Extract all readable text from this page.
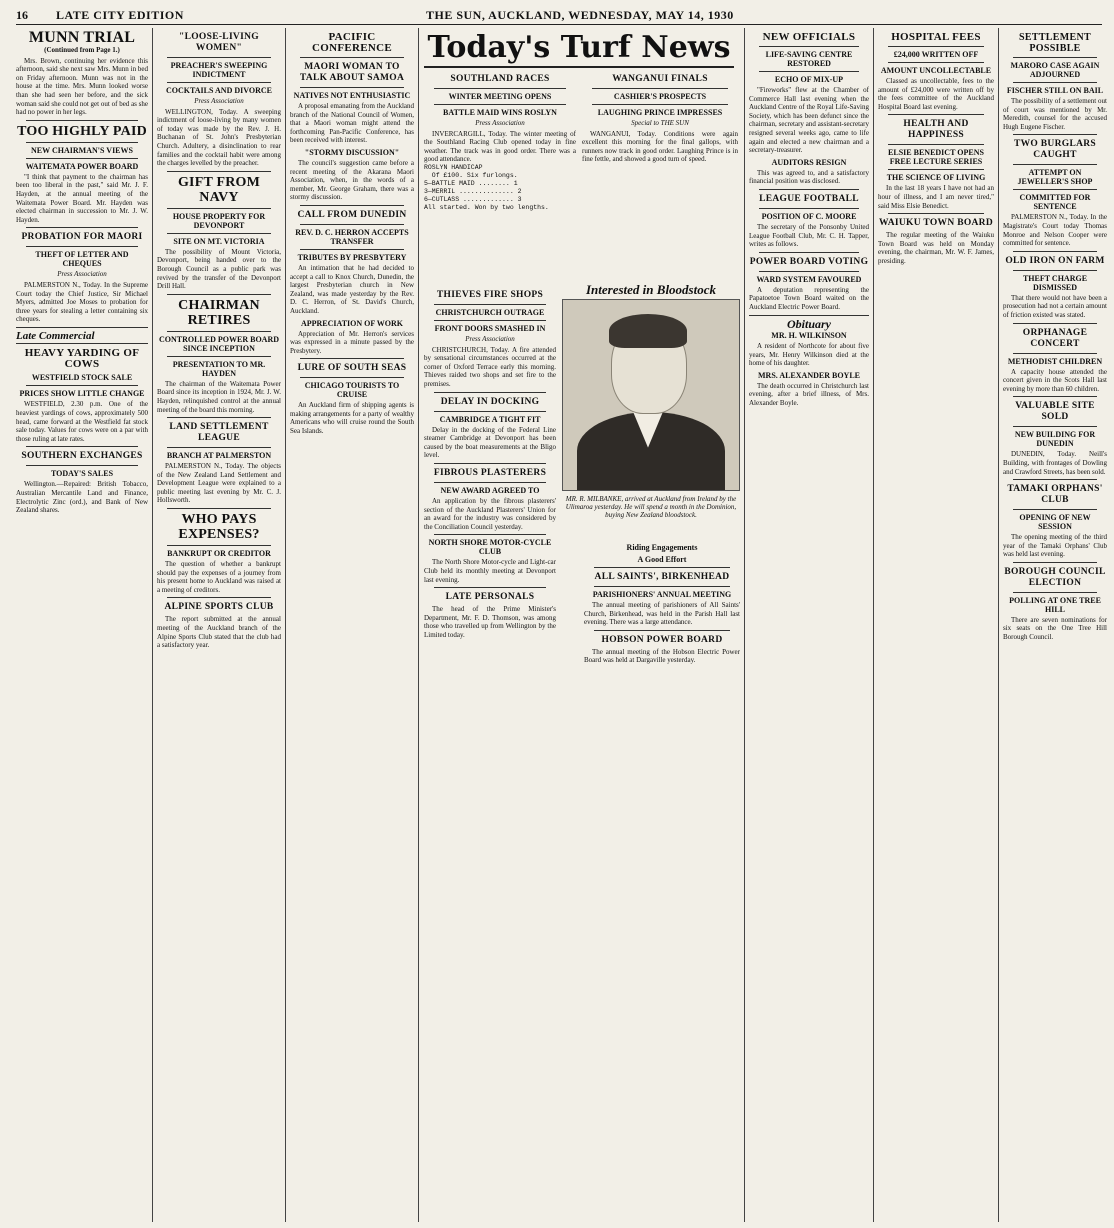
16 LATE CITY EDITION	THE SUN, AUCKLAND, WEDNESDAY, MAY 14, 1930
MUNN TRIAL
(Continued from Page 1.)

Mrs. Brown, continuing her evidence this afternoon, said she next saw Mrs. Munn in bed on Friday afternoon. Munn was not in the house at the time. Mrs. Munn looked worse than she had seen her before, and the sick woman said she could not get out of bed as she had no power in her legs.

TOO HIGHLY PAID
NEW CHAIRMAN'S VIEWS
WAITEMATA POWER BOARD

"I think that payment to the chairman has been too liberal in the past," said Mr. J. F. Hayden, at the annual meeting of the Waitemata Power Board. Mr. Hayden was elected chairman in succession to Mr. J. W. Hayden.

PROBATION FOR MAORI
THEFT OF LETTER AND CHEQUES
Press Association

PALMERSTON N., Today. In the Supreme Court today the Chief Justice, Sir Michael Myers, admitted Joe Moses to probation for three years for stealing a letter containing six cheques.

Late Commercial
HEAVY YARDING OF COWS
WESTFIELD STOCK SALE
PRICES SHOW LITTLE CHANGE

WESTFIELD, 2.30 p.m. One of the heaviest yardings of cows, approximately 500 head, came forward at the Westfield fat stock sale today. Values for cows were on a par with those ruling at late rates.

SOUTHERN EXCHANGES
TODAY'S SALES

Wellington.—Repaired: British Tobacco, Australian Mercantile Land and Finance, Electrolytic Zinc (ord.), and Bank of New Zealand shares.

"LOOSE-LIVING WOMEN"
PREACHER'S SWEEPING INDICTMENT
COCKTAILS AND DIVORCE
Press Association

WELLINGTON, Today. A sweeping indictment of loose-living by many women of today was made by the Rev. J. H. Buchanan of St. John's Presbyterian Church. Adultery, a disinclination to rear families and the cocktail habit were among the charges levelled by the preacher.

GIFT FROM NAVY
HOUSE PROPERTY FOR DEVONPORT
SITE ON MT. VICTORIA

The possibility of Mount Victoria, Devonport, being handed over to the Borough Council as a public park was revived by the transfer of the Devonport Drill Hall.

CHAIRMAN RETIRES
CONTROLLED POWER BOARD SINCE INCEPTION
PRESENTATION TO MR. HAYDEN

The chairman of the Waitemata Power Board since its inception in 1924, Mr. J. W. Hayden, relinquished control at the annual meeting of the board this morning.

LAND SETTLEMENT LEAGUE
BRANCH AT PALMERSTON

PALMERSTON N., Today. The objects of the New Zealand Land Settlement and Development League were explained to a public meeting last evening by Mr. C. J. Hollsworth.

WHO PAYS EXPENSES?
BANKRUPT OR CREDITOR

The question of whether a bankrupt should pay the expenses of a journey from his present home to Auckland was raised at a meeting of creditors.

ALPINE SPORTS CLUB

The report submitted at the annual meeting of the Auckland branch of the Alpine Sports Club stated that the club had a satisfactory year.

PACIFIC CONFERENCE
MAORI WOMAN TO TALK ABOUT SAMOA
NATIVES NOT ENTHUSIASTIC

A proposal emanating from the Auckland branch of the National Council of Women, that a Maori woman might attend the forthcoming Pan-Pacific Conference, has been received with interest.

"STORMY DISCUSSION"

The council's suggestion came before a recent meeting of the Akarana Maori Association, when, in the words of a member, Mr. George Graham, there was a stormy discussion.

CALL FROM DUNEDIN
REV. D. C. HERRON ACCEPTS TRANSFER
TRIBUTES BY PRESBYTERY

An intimation that he had decided to accept a call to Knox Church, Dunedin, the largest Presbyterian church in New Zealand, was made yesterday by the Rev. D. C. Herron, of St. David's Church, Auckland.

APPRECIATION OF WORK

Appreciation of Mr. Herron's services was expressed in a minute passed by the Presbytery.

LURE OF SOUTH SEAS
CHICAGO TOURISTS TO CRUISE

An Auckland firm of shipping agents is making arrangements for a party of wealthy Americans who will cruise round the South Sea Islands.

Today's Turf News
SOUTHLAND RACES
WINTER MEETING OPENS
BATTLE MAID WINS ROSLYN
Press Association

INVERCARGILL, Today. The winter meeting of the Southland Racing Club opened today in fine weather. The track was in good order. There was a good attendance.

ROSLYN HANDICAP
Of £100. Six furlongs.
5—BATTLE MAID ........ 1
3—MERRIL .............. 2
6—CUTLASS ............. 3
All started. Won by two lengths.
WANGANUI FINALS
CASHIER'S PROSPECTS
LAUGHING PRINCE IMPRESSES
Special to THE SUN

WANGANUI, Today. Conditions were again excellent this morning for the final gallops, with runners now track in good order. Laughing Prince is in fine fettle, and showed a good turn of speed.

Interested in Bloodstock
MR. R. MILBANKE, arrived at Auckland from Ireland by the Ulimaroa yesterday. He will spend a month in the Dominion, buying New Zealand bloodstock.
THIEVES FIRE SHOPS
CHRISTCHURCH OUTRAGE
FRONT DOORS SMASHED IN
Press Association

CHRISTCHURCH, Today. A fire attended by sensational circumstances occurred at the corner of Oxford Terrace early this morning. Thieves raided two shops and set fire to the premises.

DELAY IN DOCKING
CAMBRIDGE A TIGHT FIT

Delay in the docking of the Federal Line steamer Cambridge at Devonport has been caused by the boat measurements at the Bligo level.

FIBROUS PLASTERERS
NEW AWARD AGREED TO

An application by the fibrous plasterers' section of the Auckland Plasterers' Union for an award for the industry was considered by the Conciliation Council yesterday.

NORTH SHORE MOTOR-CYCLE CLUB

The North Shore Motor-cycle and Light-car Club held its monthly meeting at Devonport last evening.

LATE PERSONALS

The head of the Prime Minister's Department, Mr. F. D. Thomson, was among those who travelled up from Wellington by the Limited today.

Riding Engagements
A Good Effort
ALL SAINTS', BIRKENHEAD
PARISHIONERS' ANNUAL MEETING

The annual meeting of parishioners of All Saints' Church, Birkenhead, was held in the Parish Hall last evening. There was a large attendance.

HOBSON POWER BOARD

The annual meeting of the Hobson Electric Power Board was held at Dargaville yesterday.

NEW OFFICIALS
LIFE-SAVING CENTRE RESTORED
ECHO OF MIX-UP

"Fireworks" flew at the Chamber of Commerce Hall last evening when the Auckland Centre of the Royal Life-Saving Society, which has been defunct since the chairman, secretary and assistant-secretary resigned several weeks ago, came to life again and elected a new chairman and a secretary-treasurer.

AUDITORS RESIGN

This was agreed to, and a satisfactory financial position was disclosed.

LEAGUE FOOTBALL
POSITION OF C. MOORE

The secretary of the Ponsonby United League Football Club, Mr. C. H. Tapper, writes as follows.

POWER BOARD VOTING
WARD SYSTEM FAVOURED

A deputation representing the Papatoetoe Town Board waited on the Auckland Electric Power Board.

Obituary
MR. H. WILKINSON

A resident of Northcote for about five years, Mr. Henry Wilkinson died at the home of his daughter.

MRS. ALEXANDER BOYLE

The death occurred in Christchurch last evening, after a brief illness, of Mrs. Alexander Boyle.

HOSPITAL FEES
£24,000 WRITTEN OFF
AMOUNT UNCOLLECTABLE

Classed as uncollectable, fees to the amount of £24,000 were written off by the fees committee of the Auckland Hospital Board last evening.

HEALTH AND HAPPINESS
ELSIE BENEDICT OPENS FREE LECTURE SERIES
THE SCIENCE OF LIVING

In the last 18 years I have not had an hour of illness, and I am never tired," said Miss Elsie Benedict.

WAIUKU TOWN BOARD

The regular meeting of the Waiuku Town Board was held on Monday evening, the chairman, Mr. W. F. James, presiding.

SETTLEMENT POSSIBLE
MARORO CASE AGAIN ADJOURNED
FISCHER STILL ON BAIL

The possibility of a settlement out of court was mentioned by Mr. Meredith, counsel for the accused Hugh Eugene Fischer.

TWO BURGLARS CAUGHT
ATTEMPT ON JEWELLER'S SHOP
COMMITTED FOR SENTENCE

PALMERSTON N., Today. In the Magistrate's Court today Thomas Monroe and Nelson Cooper were committed for sentence.

OLD IRON ON FARM
THEFT CHARGE DISMISSED

That there would not have been a prosecution had not a certain amount of friction existed was stated.

ORPHANAGE CONCERT
METHODIST CHILDREN

A capacity house attended the concert given in the Scots Hall last evening by more than 60 children.

VALUABLE SITE SOLD
NEW BUILDING FOR DUNEDIN

DUNEDIN, Today. Neill's Building, with frontages of Dowling and Crawford Streets, has been sold.

TAMAKI ORPHANS' CLUB
OPENING OF NEW SESSION

The opening meeting of the third year of the Tamaki Orphans' Club was held last evening.

BOROUGH COUNCIL ELECTION
POLLING AT ONE TREE HILL

There are seven nominations for six seats on the One Tree Hill Borough Council.
